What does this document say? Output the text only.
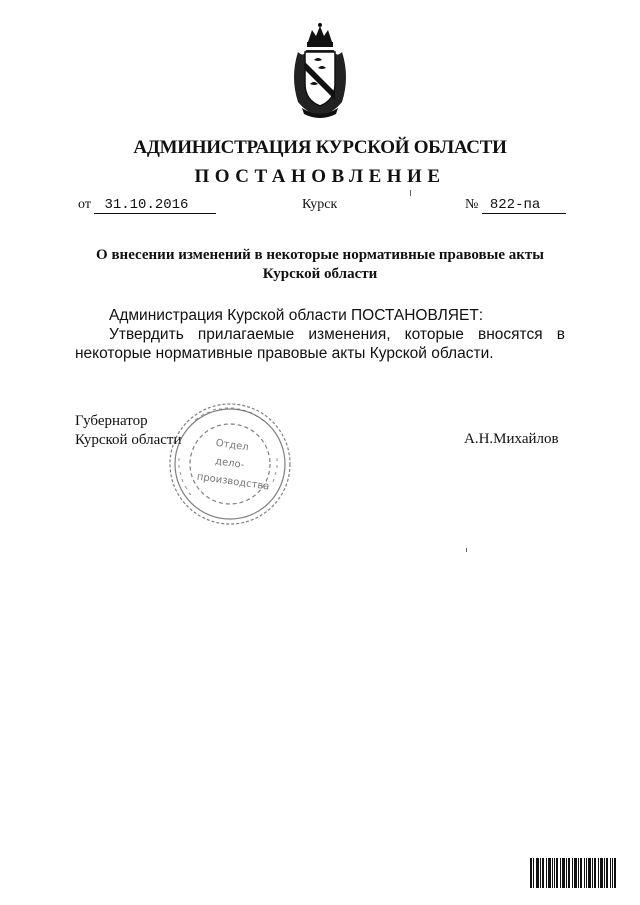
АДМИНИСТРАЦИЯ КУРСКОЙ ОБЛАСТИ
ПОСТАНОВЛЕНИЕ
от 31.10.2016	Курск	№ 822-па
О внесении изменений в некоторые нормативные правовые акты Курской области

Администрация Курской области ПОСТАНОВЛЯЕТ:

Утвердить прилагаемые изменения, которые вносятся в некоторые нормативные правовые акты Курской области.

Губернатор
Курской области	А.Н.Михайлов
Отдел
дело-
производства
